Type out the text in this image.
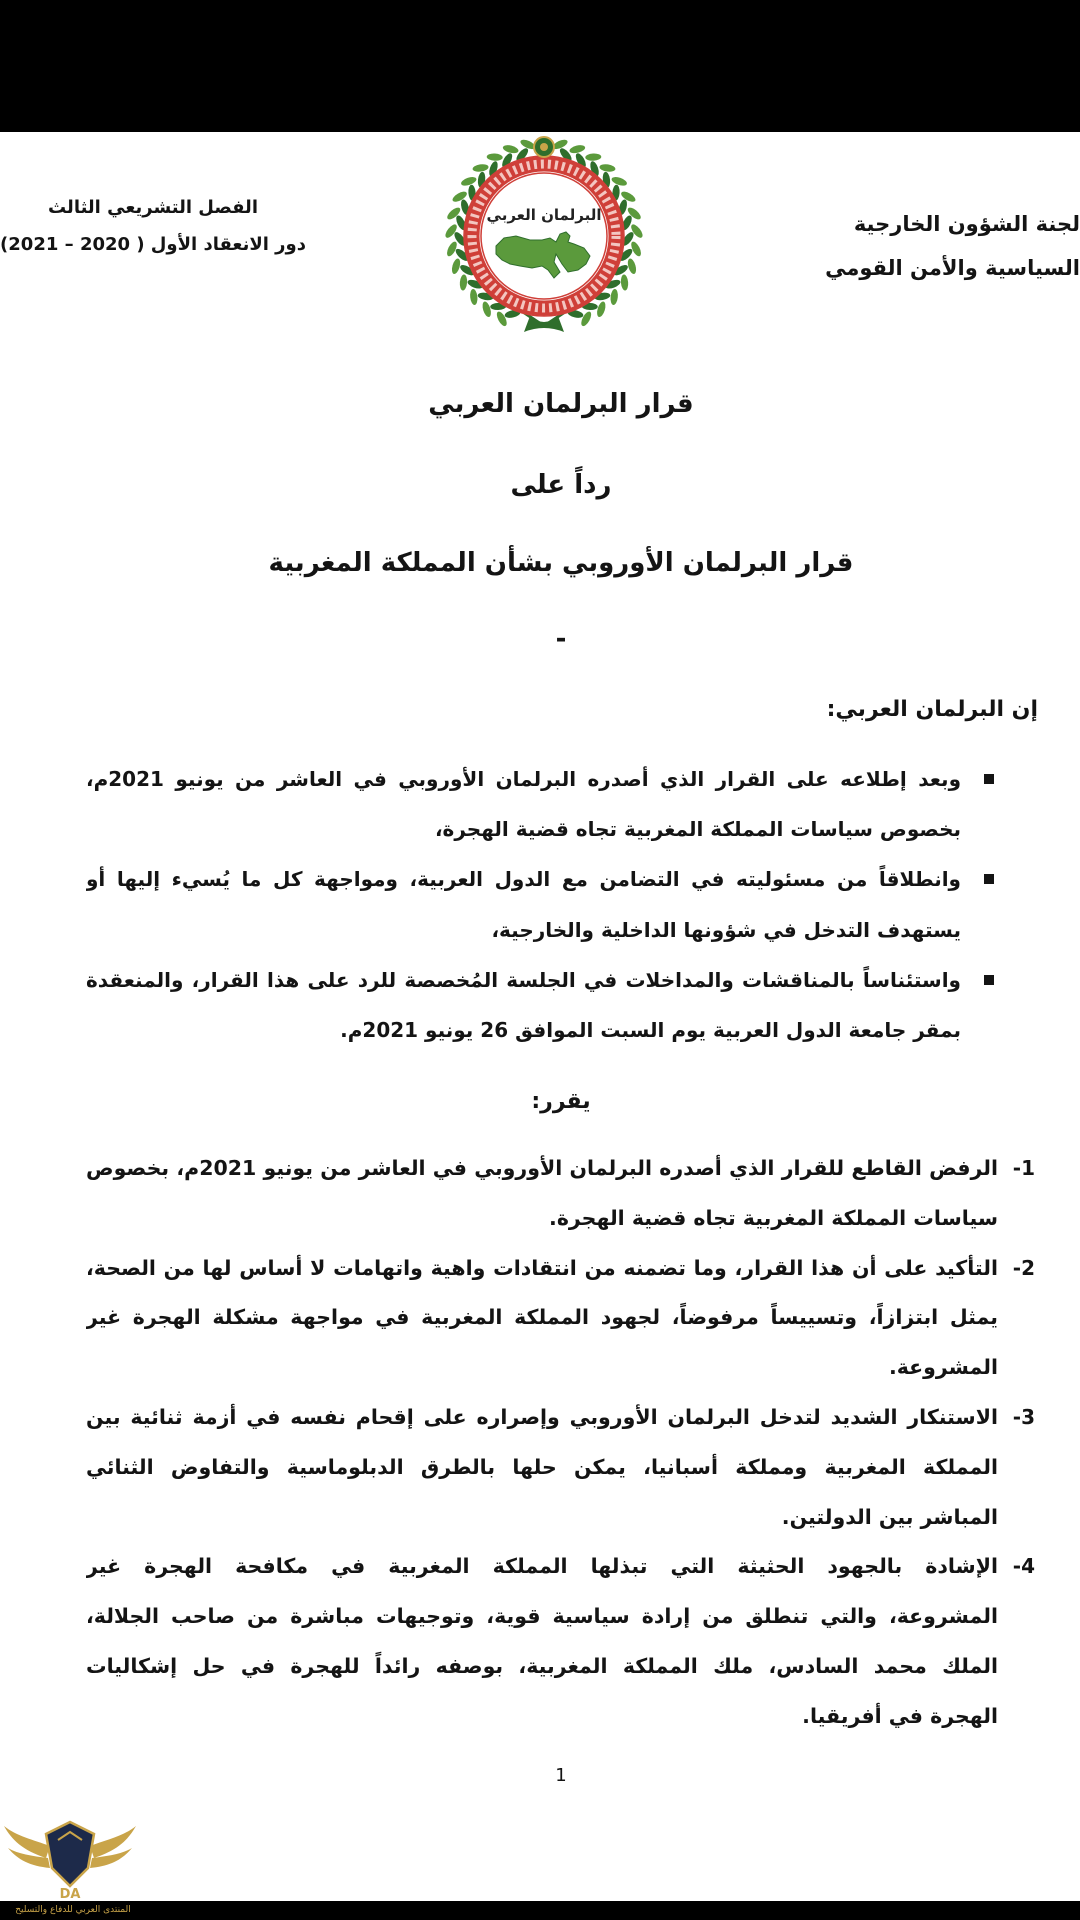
لجنة الشؤون الخارجية
السياسية والأمن القومي
الفصل التشريعي الثالث
دور الانعقاد الأول ( 2020 – 2021)
البرلمان العربي
قرار البرلمان العربي
رداً على
قرار البرلمان الأوروبي بشأن المملكة المغربية
-
إن البرلمان العربي:
وبعد إطلاعه على القرار الذي أصدره البرلمان الأوروبي في العاشر من يونيو 2021م،
بخصوص سياسات المملكة المغربية تجاه قضية الهجرة،
وانطلاقاً من مسئوليته في التضامن مع الدول العربية، ومواجهة كل ما يُسيء إليها أو
يستهدف التدخل في شؤونها الداخلية والخارجية،
واستئناساً بالمناقشات والمداخلات في الجلسة المُخصصة للرد على هذا القرار، والمنعقدة
بمقر جامعة الدول العربية يوم السبت الموافق 26 يونيو 2021م.
يقرر:
1-
الرفض القاطع للقرار الذي أصدره البرلمان الأوروبي في العاشر من يونيو 2021م، بخصوص
سياسات المملكة المغربية تجاه قضية الهجرة.
2-
التأكيد على أن هذا القرار، وما تضمنه من انتقادات واهية واتهامات لا أساس لها من الصحة،
يمثل ابتزازاً، وتسييساً مرفوضاً، لجهود المملكة المغربية في مواجهة مشكلة الهجرة غير
المشروعة.
3-
الاستنكار الشديد لتدخل البرلمان الأوروبي وإصراره على إقحام نفسه في أزمة ثنائية بين
المملكة المغربية ومملكة أسبانيا، يمكن حلها بالطرق الدبلوماسية والتفاوض الثنائي
المباشر بين الدولتين.
4-
الإشادة بالجهود الحثيثة التي تبذلها المملكة المغربية في مكافحة الهجرة غير
المشروعة، والتي تنطلق من إرادة سياسية قوية، وتوجيهات مباشرة من صاحب الجلالة،
الملك محمد السادس، ملك المملكة المغربية، بوصفه رائداً للهجرة في حل إشكاليات
الهجرة في أفريقيا.
1
DA
المنتدى العربي للدفاع والتسليح
